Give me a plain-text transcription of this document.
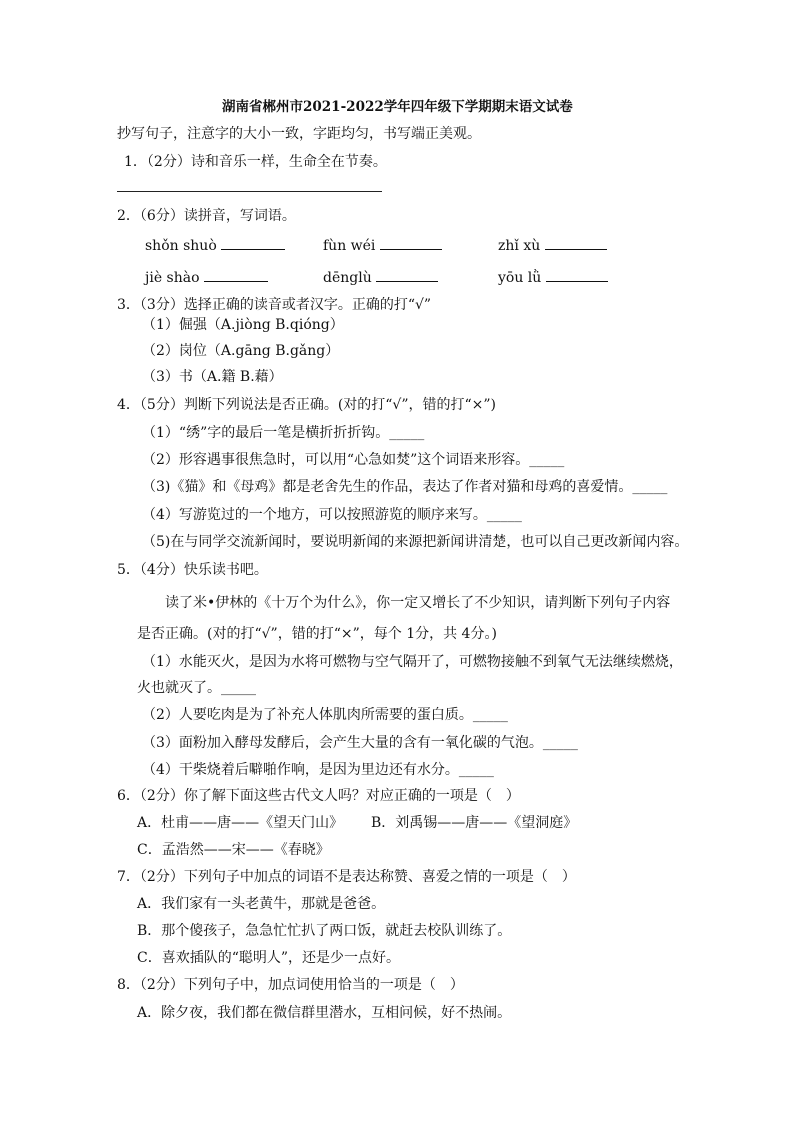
湖南省郴州市2021-2022学年四年级下学期期末语文试卷
抄写句子，注意字的大小一致，字距均匀，书写端正美观。
1．（2分）诗和音乐一样，生命全在节奏。
2．（6分）读拼音，写词语。
shǒn shuò	fùn wéi	zhǐ xù
jiè shào	dēnglù	yōu lǜ
3．（3分）选择正确的读音或者汉字。正确的打“√”
（1）倔强（A.jiòng B.qióng）
（2）岗位（A.gāng B.gǎng）
（3）书（A.籍 B.藉）
4．（5分）判断下列说法是否正确。(对的打“√”，错的打“×”)
（1）“绣”字的最后一笔是横折折折钩。_____
（2）形容遇事很焦急时，可以用“心急如焚”这个词语来形容。_____
（3)《猫》和《母鸡》都是老舍先生的作品，表达了作者对猫和母鸡的喜爱情。_____
（4）写游览过的一个地方，可以按照游览的顺序来写。_____
（5)在与同学交流新闻时，要说明新闻的来源把新闻讲清楚，也可以自己更改新闻内容。
5．（4分）快乐读书吧。
读了米•伊林的《十万个为什么》，你一定又增长了不少知识，请判断下列句子内容
是否正确。(对的打“√”，错的打“×”，每个 1分，共 4分。)
（1）水能灭火，是因为水将可燃物与空气隔开了，可燃物接触不到氧气无法继续燃烧，
火也就灭了。_____
（2）人要吃肉是为了补充人体肌肉所需要的蛋白质。_____
（3）面粉加入酵母发酵后，会产生大量的含有一氧化碳的气泡。_____
（4）干柴烧着后噼啪作响，是因为里边还有水分。_____
6．（2分）你了解下面这些古代文人吗？对应正确的一项是（　）
A．杜甫——唐——《望天门山》 B．刘禹锡——唐——《望洞庭》
C．孟浩然——宋——《春晓》
7．（2分）下列句子中加点的词语不是表达称赞、喜爱之情的一项是（　）
A．我们家有一头老黄牛，那就是爸爸。
B．那个傻孩子，急急忙忙扒了两口饭，就赶去校队训练了。
C．喜欢插队的“聪明人”，还是少一点好。
8．（2分）下列句子中，加点词使用恰当的一项是（　）
A．除夕夜，我们都在微信群里潜水，互相问候，好不热闹。
